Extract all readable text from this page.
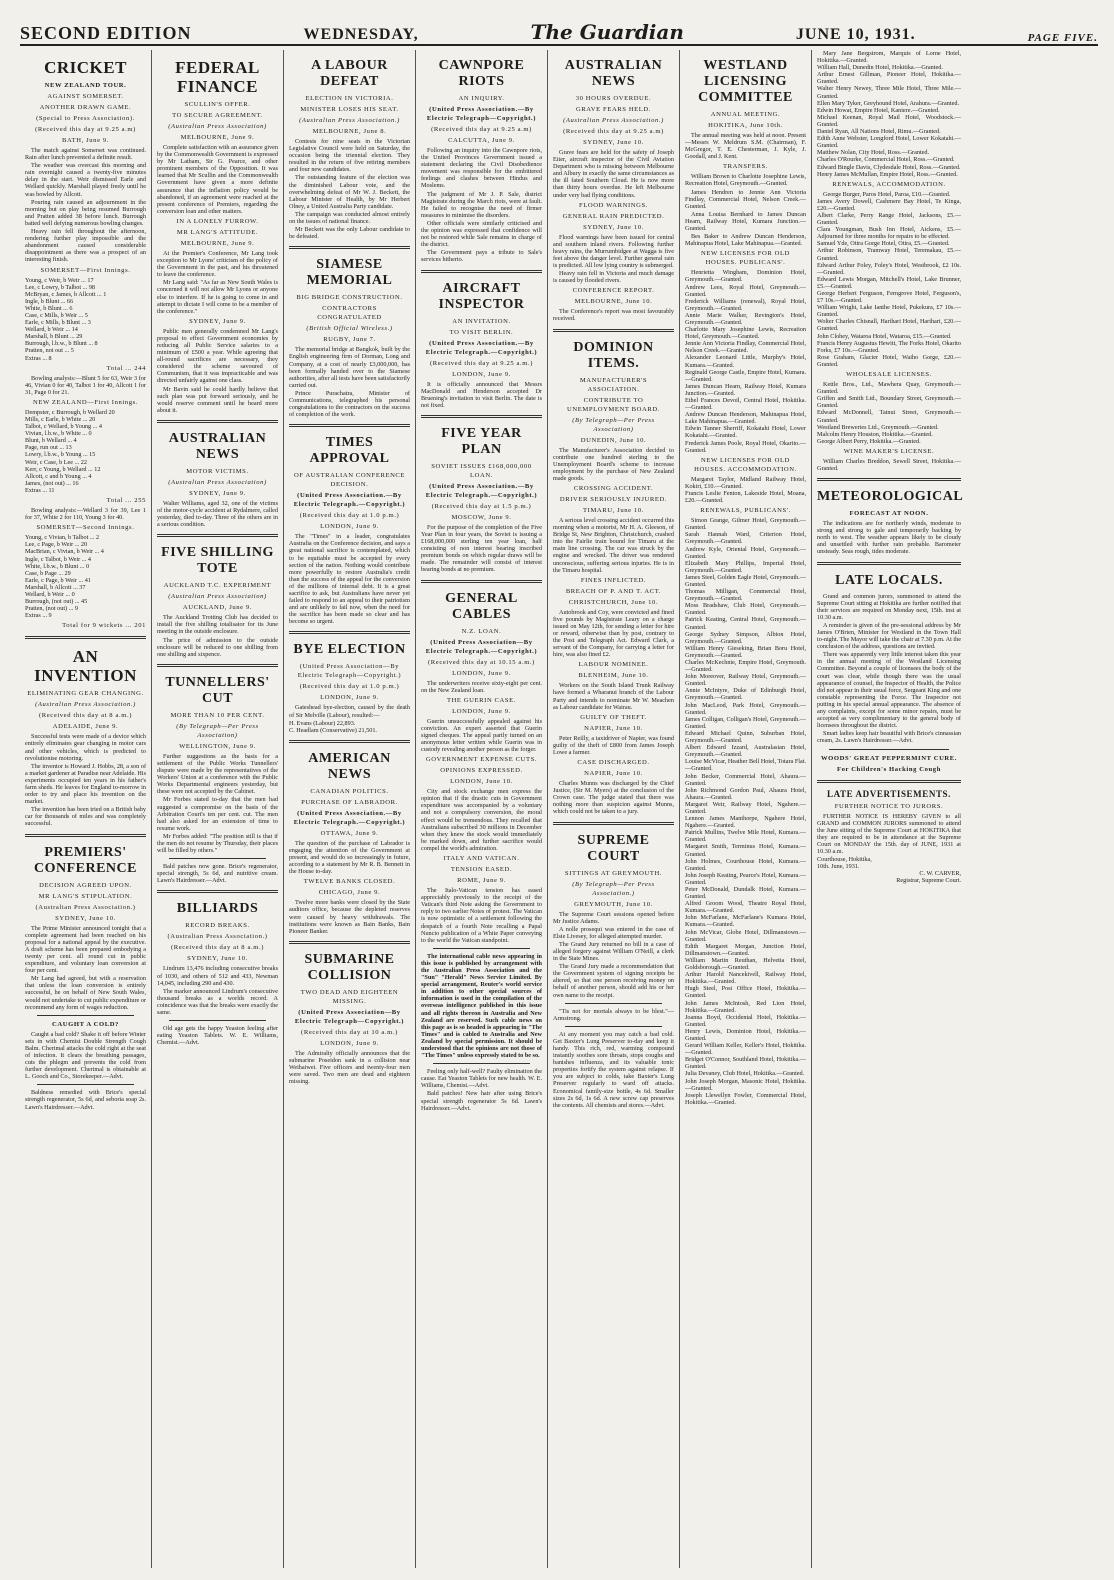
SECOND EDITION	WEDNESDAY,	The Guardian	JUNE 10, 1931.	PAGE FIVE.
CRICKET
NEW ZEALAND TOUR.
AGAINST SOMERSET.
ANOTHER DRAWN GAME.
(Special to Press Association).
(Received this day at 9.25 a.m)
BATH, June 9.

The match against Somerset was continued. Rain after lunch prevented a definite result.

The weather was overcast this morning and rain overnight caused a twenty-five minutes delay in the start. Weir dismissed Earle and Wellard quickly. Marshall played freely until he was bowled by Allcott.

Pouring rain caused an adjournment in the morning but on play being resumed Burrough and Pratten added 38 before lunch. Burrough batted well defying numerous bowling changes.

Heavy rain fell throughout the afternoon, rendering further play impossible and the abandonment caused considerable disappointment as there was a prospect of an interesting finish.

SOMERSET—First Innings.
Young, c Weir, b Weir ... 17
Lee, c Lowry, b Talbot ... 98
McBryan, c James, b Allcott ... 1
Ingle, b Blunt ... 66
White, b Blunt ... 6
Case, c Mills, b Weir ... 5
Earle, c Mills, b Blunt ... 3
Wellard, b Weir ... 14
Marshall, b Blunt ... 29
Burrough, l.b.w., b Blunt ... 8
Pratten, not out ... 5
Extras ... 8
Total ... 244

Bowling analysis:—Blunt 5 for 63, Weir 3 for 46, Vivian 0 for 40, Talbot 1 for 40, Allcott 1 for 31, Page 0 for 21.

NEW ZEALAND—First Innings.
Dempster, c Burrough, b Wellard 20
Mills, c Earle, b White ... 20
Talbot, c Wellard, b Young ... 4
Vivian, l.b.w., b White ... 0
Blunt, b Wellard ... 4
Page, run out ... 13
Lowry, l.b.w., b Young ... 15
Weir, c Case, b Lee ... 22
Kerr, c Young, b Wellard ... 12
Allcott, c and b Young ... 4
James, (not out) ... 16
Extras ... 11
Total ... 255

Bowling analysis:—Wellard 3 for 39, Lee 1 for 37, White 2 for 110, Young 3 for 40.

SOMERSET—Second Innings.
Young, c Vivian, b Talbot ... 2
Lee, c Page, b Weir ... 20
MacBrian, c Vivian, b Weir ... 4
Ingle, c Talbot, b Weir ... 4
White, l.b.w., b Blunt ... 0
Case, b Page ... 29
Earle, c Page, b Weir ... 41
Marshall, b Allcott ... 37
Wellard, b Weir ... 0
Burrough, (not out) ... 45
Pratten, (not out) ... 9
Extras ... 9
Total for 9 wickets ... 201
AN INVENTION
ELIMINATING GEAR CHANGING.
(Australian Press Association.)
(Received this day at 8 a.m.)
ADELAIDE, June 9.

Successful tests were made of a device which entirely eliminates gear changing in motor cars and other vehicles, which is predicted to revolutionise motoring.

The inventor is Howard J. Hobbs, 28, a son of a market gardener at Paradise near Adelaide. His experiments occupied ten years in his father's farm sheds. He leaves for England to-morrow in order to try and place his invention on the market.

The invention has been tried on a British baby car for thousands of miles and was completely successful.

PREMIERS' CONFERENCE
DECISION AGREED UPON.
MR LANG'S STIPULATION.
(Australian Press Association.)
SYDNEY, June 10.

The Prime Minister announced tonight that a complete agreement had been reached on his proposal for a national appeal by the executive. A draft scheme has been prepared embodying a twenty per cent. all round cut in public expenditure, and voluntary loan conversion at four per cent.

Mr Lang had agreed, but with a reservation that unless the loan conversion is entirely successful, he on behalf of New South Wales, would not undertake to cut public expenditure or recommend any form of wages reduction.

CAUGHT A COLD?

Caught a bad cold? Shake it off before Winter sets in with Chemist Double Strength Cough Balm. Cherimal attacks the cold right at the seat of infection. It clears the breathing passages, cuts the phlegm and prevents the cold from further development. Cherimal is obtainable at L. Gooch and Co., Storekeeper.—Advt.

Baldness remedied with Brice's special strength regenerator, 5s 6d, and seboria soap 2s. Lawn's Hairdresser.—Advt.

FEDERAL FINANCE
SCULLIN'S OFFER.
TO SECURE AGREEMENT.
(Australian Press Association)
MELBOURNE, June 9.

Complete satisfaction with an assurance given by the Commonwealth Government is expressed by Mr Latham, Sir G. Pearce, and other prominent members of the Opposition. It was learned that Mr Scullin and the Commonwealth Government have given a more definite assurance that the inflation policy would be abandoned, if an agreement were reached at the present conference of Premiers, regarding the conversion loan and other matters.

IN A LONELY FURROW.
MR LANG'S ATTITUDE.
MELBOURNE, June 9.

At the Premier's Conference, Mr Lang took exception to Mr Lyons' criticism of the policy of the Government in the past, and his threatened to leave the conference.

Mr Lang said: "As far as New South Wales is concerned it will not allow Mr Lyons or anyone else to interfere. If he is going to come in and attempt to dictate I will come to be a member of the conference."

SYDNEY, June 9.

Public men generally condemned Mr Lang's proposal to effect Government economies by reducing all Public Service salaries to a minimum of £500 a year. While agreeing that all-round sacrifices are necessary, they considered the scheme savoured of Communism, that it was impracticable and was directed unfairly against one class.

Mr Bavin said he could hardly believe that such plan was put forward seriously, and he would reserve comment until he heard more about it.

AUSTRALIAN NEWS
MOTOR VICTIMS.
(Australian Press Association)
SYDNEY, June 9.

Walter Williams, aged 32, one of the victims of the motor-cycle accident at Rydalmere, called yesterday, died to-day. Three of the others are in a serious condition.

FIVE SHILLING TOTE
AUCKLAND T.C. EXPERIMENT
(Australian Press Association)
AUCKLAND, June 9.

The Auckland Trotting Club has decided to install the five shilling totalisator for its June meeting in the outside enclosure.

The price of admission to the outside enclosure will be reduced to one shilling from one shilling and sixpence.

TUNNELLERS' CUT
MORE THAN 10 PER CENT.
(By Telegraph—Per Press Association)
WELLINGTON, June 9.

Further suggestions as the basis for a settlement of the Public Works Tunnellers' dispute were made by the representatives of the Workers' Union at a conference with the Public Works Departmental engineers yesterday, but these were not accepted by the Cabinet.

Mr Forbes stated to-day that the men had suggested a compromise on the basis of the Arbitration Court's ten per cent. cut. The men had also asked for an extension of time to resume work.

Mr Forbes added: "The position still is that if the men do not resume by Thursday, their places will be filled by others."

Bald patches now gone. Brice's regenerator, special strength, 5s 6d, and nutritive cream. Lawn's Hairdresser.—Advt.

BILLIARDS
RECORD BREAKS.
(Australian Press Association.)
(Received this day at 8 a.m.)
SYDNEY, June 10.

Lindrum 13,476 including consecutive breaks of 1030, and others of 512 and 433, Newman 14,045, including 290 and 430.

The marker announced Lindrum's consecutive thousand breaks as a worlds record. A coincidence was that the breaks were exactly the same.

Old age gets the happy Yeaston feeling after eating Yeaston Tablets. W. E. Williams, Chemist.—Advt.

A LABOUR DEFEAT
ELECTION IN VICTORIA.
MINISTER LOSES HIS SEAT.
(Australian Press Association.)
MELBOURNE, June 8.

Contests for nine seats in the Victorian Legislative Council were held on Saturday, the occasion being the triennial election. They resulted in the return of five retiring members and four new candidates.

The outstanding feature of the election was the diminished Labour vote, and the overwhelming defeat of Mr W. J. Beckett, the Labour Minister of Health, by Mr Herbert Olney, a United Australia Party candidate.

The campaign was conducted almost entirely on the issues of national finance.

Mr Beckett was the only Labour candidate to be defeated.

SIAMESE MEMORIAL
BIG BRIDGE CONSTRUCTION.
CONTRACTORS CONGRATULATED
(British Official Wireless.)
RUGBY, June 7.

The memorial bridge at Bangkok, built by the English engineering firm of Dorman, Long and Company, at a cost of nearly £3,000,000, has been formally handed over to the Siamese authorities, after all tests have been satisfactorily carried out.

Prince Purachatra, Minister of Communications, telegraphed his personal congratulations to the contractors on the success of completion of the work.

TIMES APPROVAL
OF AUSTRALIAN CONFERENCE DECISION.
(United Press Association.—By Electric Telegraph.—Copyright.)
(Received this day at 1.0 p.m.)
LONDON, June 9.

The "Times" in a leader, congratulates Australia on the Conference decision, and says a great national sacrifice is contemplated, which to be equitable must be accepted by every section of the nation. Nothing would contribute more powerfully to restore Australia's credit than the success of the appeal for the conversion of the millions of internal debt. It is a great sacrifice to ask, but Australians have never yet failed to respond to an appeal to their patriotism and are unlikely to fail now, when the need for the sacrifice has been made so clear and has become so urgent.

BYE ELECTION
(United Press Association—By Electric Telegraph—Copyright.)
(Received this day at 1.0 p.m.)
LONDON, June 9.

Gateshead bye-election, caused by the death of Sir Melville (Labour), resulted:—

H. Evans (Labour) 22,893.
C. Headlam (Conservative) 21,501.
AMERICAN NEWS
CANADIAN POLITICS.
PURCHASE OF LABRADOR.
(United Press Association.—By Electric Telegraph.—Copyright.)
OTTAWA, June 9.

The question of the purchase of Labrador is engaging the attention of the Government at present, and would do so increasingly in future, according to a statement by Mr R. B. Bennett in the House to-day.

TWELVE BANKS CLOSED.
CHICAGO, June 9.

Twelve more banks were closed by the State auditors office, because the depleted reserves were caused by heavy withdrawals. The institutions were known as Bain Banks, Bain Pioneer Banker.

SUBMARINE COLLISION
TWO DEAD AND EIGHTEEN MISSING.
(United Press Association—By Electric Telegraph—Copyright.)
(Received this day at 10 a.m.)
LONDON, June 9.

The Admiralty officially announces that the submarine Poseidon sank in a collision near Weihaiwei. Five officers and twenty-four men were saved. Two men are dead and eighteen missing.

CAWNPORE RIOTS
AN INQUIRY.
(United Press Association.—By Electric Telegraph—Copyright.)
(Received this day at 9.25 a.m)
CALCUTTA, June 9.

Following an inquiry into the Cawnpore riots, the United Provinces Government issued a statement declaring the Civil Disobedience movement was responsible for the embittered feelings and clashes between Hindus and Moslems.

The judgment of Mr J. P. Sale, district Magistrate during the March riots, were at fault. He failed to recognise the need of firmer measures to minimise the disorders.

Other officials were similarly criticised and the opinion was expressed that confidence will not be restored while Sale remains in charge of the district.

The Government pays a tribute to Sale's services hitherto.

AIRCRAFT INSPECTOR
AN INVITATION.
TO VISIT BERLIN.
(United Press Association.—By Electric Telegraph.—Copyright.)
(Received this day at 9.25 a.m.)
LONDON, June 9.

It is officially announced that Messrs MacDonald and Henderson accepted Dr Bruening's invitation to visit Berlin. The date is not fixed.

FIVE YEAR PLAN
SOVIET ISSUES £168,000,000 LOAN.
(United Press Association.—By Electric Telegraph.—Copyright.)
(Received this day at 1.5 p.m.)
MOSCOW, June 9.

For the purpose of the completion of the Five Year Plan in four years, the Soviet is issuing a £168,000,000 sterling ten year loan, half consisting of non interest bearing inscribed premium bonds on which regular draws will be made. The remainder will consist of interest bearing bonds at no premium.

GENERAL CABLES
N.Z. LOAN.
(United Press Association—By Electric Telegraph.—Copyright.)
(Received this day at 10.15 a.m.)
LONDON, June 9.

The underwriters receive sixty-eight per cent. on the New Zealand loan.

THE GUERIN CASE.
LONDON, June 9.

Guerin unsuccessfully appealed against his conviction. An expert asserted that Guerin signed cheques. The appeal partly turned on an anonymous letter written while Guerin was in custody revealing another person as the forger.

GOVERNMENT EXPENSE CUTS.
OPINIONS EXPRESSED.
LONDON, June 10.

City and stock exchange men express the opinion that if the drastic cuts in Government expenditure was accompanied by a voluntary and not a compulsory conversion, the moral effect would be tremendous. They recalled that Australians subscribed 30 millions in December when they knew the stock would immediately be marked down, and further sacrifice would compel the world's admiration.

ITALY AND VATICAN.
TENSION EASED.
ROME, June 9.

The Italo-Vatican tension has eased appreciably previously to the receipt of the Vatican's third Note asking the Government to reply to two earlier Notes of protest. The Vatican is now optimistic of a settlement following the despatch of a fourth Note recalling a Papal Nuncio publication of a White Paper conveying to the world the Vatican standpoint.

The international cable news appearing in this issue is published by arrangement with the Australian Press Association and the "Sun" "Herald" News Service Limited. By special arrangement, Reuter's world service in addition to other special sources of information is used in the compilation of the overseas intelligence published in this issue and all rights thereon in Australia and New Zealand are reserved. Such cable news on this page as is so headed is appearing in "The Times" and is cabled to Australia and New Zealand by special permission. It should be understood that the opinions are not those of "The Times" unless expressly stated to be so.

Feeling only half-well? Faulty elimination the cause. Eat Yeaston Tablets for new health. W. E. Williams, Chemist.—Advt.

Bald patches! New hair after using Brice's special strength regenerator 5s 6d. Lawn's Hairdresser.—Advt.

AUSTRALIAN NEWS
30 HOURS OVERDUE.
GRAVE FEARS HELD.
(Australian Press Association.)
(Received this day at 9.25 a.m)
SYDNEY, June 10.

Grave fears are held for the safety of Joseph Eiter, aircraft inspector of the Civil Aviation Department who is missing between Melbourne and Albury in exactly the same circumstances as the ill fated Southern Cloud. He is now more than thirty hours overdue. He left Melbourne under very bad flying conditions.

FLOOD WARNINGS.
GENERAL RAIN PREDICTED.
SYDNEY, June 10.

Flood warnings have been issued for central and southern inland rivers. Following further heavy rains, the Murrumbidgee at Wagga is five feet above the danger level. Further general rain is predicted. All low lying country is submerged.

Heavy rain fell in Victoria and much damage is caused by flooded rivers.

CONFERENCE REPORT.
MELBOURNE, June 10.

The Conference's report was most favourably received.

DOMINION ITEMS.
MANUFACTURER'S ASSOCIATION.
CONTRIBUTE TO UNEMPLOYMENT BOARD.
(By Telegraph—Per Press Association)
DUNEDIN, June 10.

The Manufacturer's Association decided to contribute one hundred sterling to the Unemployment Board's scheme to increase employment by the purchase of New Zealand made goods.

CROSSING ACCIDENT.
DRIVER SERIOUSLY INJURED.
TIMARU, June 10.

A serious level crossing accident occurred this morning when a motorist, Mr H. A. Gleeson, of Bridge St, New Brighton, Christchurch, crashed into the Fairlie train bound for Timaru at the main line crossing. The car was struck by the engine and wrecked. The driver was rendered unconscious, suffering serious injuries. He is in the Timaru hospital.

FINES INFLICTED.
BREACH OF P. AND T. ACT.
CHRISTCHURCH, June 10.

Autobrook and Coy, were convicted and fined five pounds by Magistrate Leary on a charge issued on May 12th, for sending a letter for hire or reward, otherwise than by post, contrary to the Post and Telegraph Act. Edward Clark, a servant of the Company, for carrying a letter for hire, was also fined £2.

LABOUR NOMINEE.
BLENHEIM, June 10.

Workers on the South Island Trunk Railway have formed a Wharanui branch of the Labour Party and intends to nominate Mr W. Meachen as Labour candidate for Wairau.

GUILTY OF THEFT.
NAPIER, June 10.

Peter Reilly, a taxidriver of Napier, was found guilty of the theft of £800 from James Joseph Lowe a farmer.

CASE DISCHARGED.
NAPIER, June 10.

Charles Munns was discharged by the Chief Justice, (Sir M. Myers) at the conclusion of the Crown case. The judge stated that there was nothing more than suspicion against Munns, which could not be taken to a jury.

SUPREME COURT
SITTINGS AT GREYMOUTH.
(By Telegraph—Per Press Association.)
GREYMOUTH, June 10.

The Supreme Court sessions opened before Mr Justice Adams.

A nolle prosequi was entered in the case of Elsie Livesey, for alleged attempted murder.

The Grand Jury returned no bill in a case of alleged forgery against William O'Neill, a clerk in the State Mines.

The Grand Jury made a recommendation that the Government system of signing receipts be altered, so that one person receiving money on behalf of another person, should add his or her own name to the receipt.

"Tis not for mortals always to be blest."—Armstrong.

At any moment you may catch a bad cold. Get Baxter's Lung Preserver to-day and keep it handy. This rich, red, warming compound instantly soothes sore throats, stops coughs and banishes influenza, and its valuable tonic properties fortify the system against relapse. If you are subject to colds, take Baxter's Lung Preserver regularly to ward off attacks. Economical family-size bottle, 4s 6d. Smaller sizes 2s 6d, 1s 6d. A new screw cap preserves the contents. All chemists and stores.—Advt.

WESTLAND LICENSING COMMITTEE
ANNUAL MEETING.
HOKITIKA, June 10th.

The annual meeting was held at noon. Present—Messrs W. Meldrum S.M. (Chairman), F. McGregor, T. E. Chesterman, J. Kyle, J. Goodall, and J. Kent.

TRANSFERS.

William Brown to Charlotte Josephine Lewis, Recreation Hotel, Greymouth.—Granted.

James Hendren to Jennie Ann Victoria Findlay, Commercial Hotel, Nelson Creek.—Granted.

Anna Louisa Bernhard to James Duncan Hearn, Railway Hotel, Kumara Junction.—Granted.

Bes Baker to Andrew Duncan Henderson, Mahinapua Hotel, Lake Mahinapua.—Granted.

NEW LICENSES FOR OLD HOUSES. PUBLICANS'.
Henrietta Wingham, Dominion Hotel, Greymouth.—Granted.
Andrew Lees, Royal Hotel, Greymouth.—Granted.
Frederick Williams (renewal), Royal Hotel, Greymouth.—Granted.
Annie Marie Walker, Revington's Hotel, Greymouth.—Granted.
Charlotte Mary Josephine Lewis, Recreation Hotel, Greymouth.—Granted.
Jennie Ann Victoria Findlay, Commercial Hotel, Nelson Creek.—Granted.
Alexander Leonard Little, Murphy's Hotel, Kumara.—Granted.
Reginald George Castle, Empire Hotel, Kumara.—Granted.
James Duncan Hearn, Railway Hotel, Kumara Junction.—Granted.
Ethel Frances Devoil, Central Hotel, Hokitika.—Granted.
Andrew Duncan Henderson, Mahinapua Hotel, Lake Mahinapua.—Granted.
Edwin Tanner Sherriff, Kokatahi Hotel, Lower Kokatahi.—Granted.
Frederick James Poole, Royal Hotel, Okarito.—Granted.
NEW LICENSES FOR OLD HOUSES. ACCOMMODATION.
Margaret Taylor, Midland Railway Hotel, Kokiri, £10.—Granted.
Francis Leslie Fenton, Lakeside Hotel, Moana, £20.—Granted.
RENEWALS, PUBLICANS'.
Simon Grange, Gilmer Hotel, Greymouth.—Granted.
Sarah Hannah Ward, Criterion Hotel, Greymouth.—Granted.
Andrew Kyle, Oriental Hotel, Greymouth.—Granted.
Elizabeth Mary Phillips, Imperial Hotel, Greymouth.—Granted.
James Steel, Golden Eagle Hotel, Greymouth.—Granted.
Thomas Milligan, Commercial Hotel, Greymouth.—Granted.
Moss Bradshaw, Club Hotel, Greymouth.—Granted.
Patrick Keating, Central Hotel, Greymouth.—Granted.
George Sydney Simpson, Albion Hotel, Greymouth.—Granted.
William Henry Gieseking, Brian Boru Hotel, Greymouth.—Granted.
Charles McKechnie, Empire Hotel, Greymouth.—Granted.
John Moreover, Railway Hotel, Greymouth.—Granted.
Annie McIntyre, Duke of Edinburgh Hotel, Greymouth.—Granted.
John MacLeod, Park Hotel, Greymouth.—Granted.
James Colligan, Colligan's Hotel, Greymouth.—Granted.
Edward Michael Quinn, Suburban Hotel, Greymouth.—Granted.
Albert Edward Izzard, Australasian Hotel, Greymouth.—Granted.
Louise McVicar, Heather Bell Hotel, Totara Flat.—Granted.
John Becker, Commercial Hotel, Ahaura.—Granted.
John Richmond Gordon Paul, Ahaura Hotel, Ahaura.—Granted.
Margaret Weir, Railway Hotel, Ngahere.—Granted.
Lennon James Manthorpe, Ngahere Hotel, Ngahere.—Granted.
Patrick Mullins, Twelve Mile Hotel, Kumara.—Granted.
Margaret Smith, Terminus Hotel, Kumara.—Granted.
John Holmes, Courthouse Hotel, Kumara.—Granted.
John Joseph Keating, Pearce's Hotel, Kumara.—Granted.
Peter McDonald, Dundalk Hotel, Kumara.—Granted.
Alfred Groom Wood, Theatre Royal Hotel, Kumara.—Granted.
John McFarlane, McFarlane's Kumara Hotel, Kumara.—Granted.
John McVicar, Globe Hotel, Dillmanstown.—Granted.
Edith Margaret Morgan, Junction Hotel, Dillmanstown.—Granted.
William Martin Reuthan, Helvetia Hotel, Goldsborough.—Granted.
Arthur Harold Nancekivell, Railway Hotel, Hokitika.—Granted.
Hugh Steel, Post Office Hotel, Hokitika.—Granted.
John James McIntosh, Red Lion Hotel, Hokitika.—Granted.
Joanna Boyd, Occidental Hotel, Hokitika.—Granted.
Henry Lewis, Dominion Hotel, Hokitika.—Granted.
Gerard William Keller, Keller's Hotel, Hokitika.—Granted.
Bridget O'Connor, Southland Hotel, Hokitika.—Granted.
Julia Devaney, Club Hotel, Hokitika.—Granted.
John Joseph Morgan, Masonic Hotel, Hokitika.—Granted.
Joseph Llewellyn Fowler, Commercial Hotel, Hokitika.—Granted.
Mary Jane Bergstrom, Marquis of Lorne Hotel, Hokitika.—Granted.
William Hall, Dunedin Hotel, Hokitika.—Granted.
Arthur Ernest Gillman, Pioneer Hotel, Hokitika.—Granted.
Walter Henry Newey, Three Mile Hotel, Three Mile.—Granted.
Ellen Mary Tyker, Greyhound Hotel, Arahura.—Granted.
Edwin Howat, Empire Hotel, Kaniere.—Granted.
Michael Keenan, Royal Mail Hotel, Woodstock.—Granted.
Daniel Ryan, All Nations Hotel, Rimu.—Granted.
Edith Anne Webster, Longford Hotel, Lower Kokatahi.—Granted.
Matthew Nolan, City Hotel, Ross.—Granted.
Charles O'Rourke, Commercial Hotel, Ross.—Granted.
Edward Bingle Davis, Clydesdale Hotel, Ross.—Granted.
Henry James McMullan, Empire Hotel, Ross.—Granted.
RENEWALS, ACCOMMODATION.
George Burger, Paros Hotel, Paroa, £10.—Granted.
James Avery Dowell, Cashmere Bay Hotel, Te Kinga, £20.—Granted.
Albert Clarke, Perry Range Hotel, Jacksons, £5.—Granted.
Clara Youngman, Bush Inn Hotel, Aickens, £5.—Adjourned for three months for repairs to be effected.
Samuel Yde, Otira Gorge Hotel, Otira, £5.—Granted.
Arthur Robinson, Tramway Hotel, Teremakau, £5.—Granted.
Edward Arthur Foley, Foley's Hotel, Westbrook, £2 10s.—Granted.
Edward Lewis Morgan, Mitchell's Hotel, Lake Brunner, £5.—Granted.
George Herbert Ferguson, Ferngrove Hotel, Ferguson's, £7 10s.—Granted.
William Wright, Lake Ianthe Hotel, Pukekura, £7 10s.—Granted.
Wolter Charles Chisnall, Harihari Hotel, Harihari, £20.—Granted.
John Clohey, Wataroa Hotel, Wataroa, £15.—Granted.
Francis Henry Augustus Hewitt, The Forks Hotel, Okarito Forks, £7 10s.—Granted.
Rose Graham, Glacier Hotel, Waiho Gorge, £20.—Granted.
WHOLESALE LICENSES.
Kettle Bros., Ltd., Mawhera Quay, Greymouth.—Granted.
Griffen and Smith Ltd., Boundary Street, Greymouth.—Granted.
Edward McDonnell, Tainui Street, Greymouth.—Granted.
Westland Breweries Ltd., Greymouth.—Granted.
Malcolm Henry Houston, Hokitika.—Granted.
George Albert Perry, Hokitika.—Granted.
WINE MAKER'S LICENSE.

William Charles Breddon, Sewell Street, Hokitika.—Granted.

METEOROLOGICAL
FORECAST AT NOON.

The indications are for northerly winds, moderate to strong and strong to gale and temporarily backing by north to west. The weather appears likely to be cloudy and unsettled with further rain probable. Barometer unsteady. Seas rough, tides moderate.

LATE LOCALS.

Grand and common jurors, summoned to attend the Supreme Court sitting at Hokitika are further notified that their services are required on Monday next, 15th. inst at 10.30 a.m.

A reminder is given of the pre-sessional address by Mr James O'Brien, Minister for Westland in the Town Hall to-night. The Mayor will take the chair at 7.30 p.m. At the conclusion of the address, questions are invited.

There was apparently very little interest taken this year in the annual meeting of the Westland Licensing Committee. Beyond a couple of licensees the body of the court was clear, while though there was the usual appearance of counsel, the Inspector of Health, the Police did not appear in their usual force, Sergeant King and one constable representing the Force. The Inspector not putting in his special annual appearance. The absence of any complaints, except for some minor repairs, must be accepted as very complimentary to the general body of licensees throughout the district.

Smart ladies keep hair beautiful with Brice's cinnassian cream, 2s. Lawn's Hairdresser.—Advt.

WOODS' GREAT PEPPERMINT CURE.
For Children's Hacking Cough
LATE ADVERTISEMENTS.
FURTHER NOTICE TO JURORS.

FURTHER NOTICE IS HEREBY GIVEN to all GRAND and COMMON JURORS summoned to attend the June sitting of the Supreme Court at HOKITIKA that they are required to be in attendance at the Supreme Court on MONDAY the 15th. day of JUNE, 1931 at 10.30 a.m.

Courthouse, Hokitika,
10th. June, 1931.
C. W. CARVER,
Registrar, Supreme Court.
